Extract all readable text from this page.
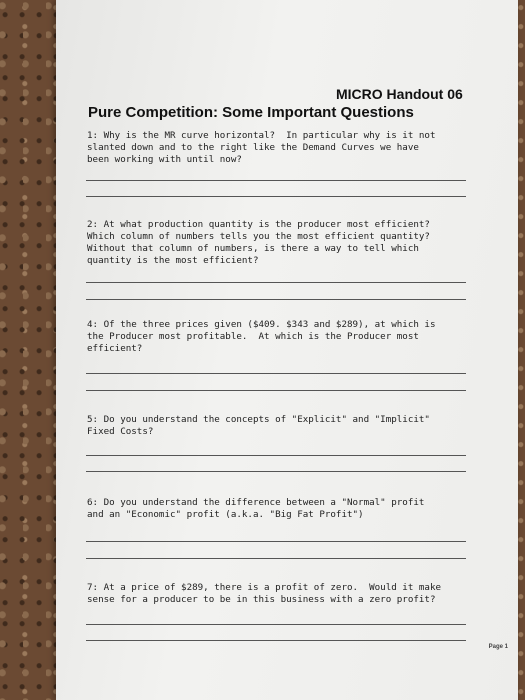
MICRO Handout 06
Pure Competition: Some Important Questions
1: Why is the MR curve horizontal?  In particular why is it not
slanted down and to the right like the Demand Curves we have
been working with until now?
2: At what production quantity is the producer most efficient?
Which column of numbers tells you the most efficient quantity?
Without that column of numbers, is there a way to tell which
quantity is the most efficient?
4: Of the three prices given ($409. $343 and $289), at which is
the Producer most profitable.  At which is the Producer most
efficient?
5: Do you understand the concepts of "Explicit" and "Implicit"
Fixed Costs?
6: Do you understand the difference between a "Normal" profit
and an "Economic" profit (a.k.a. "Big Fat Profit")
7: At a price of $289, there is a profit of zero.  Would it make
sense for a producer to be in this business with a zero profit?
Page 1
